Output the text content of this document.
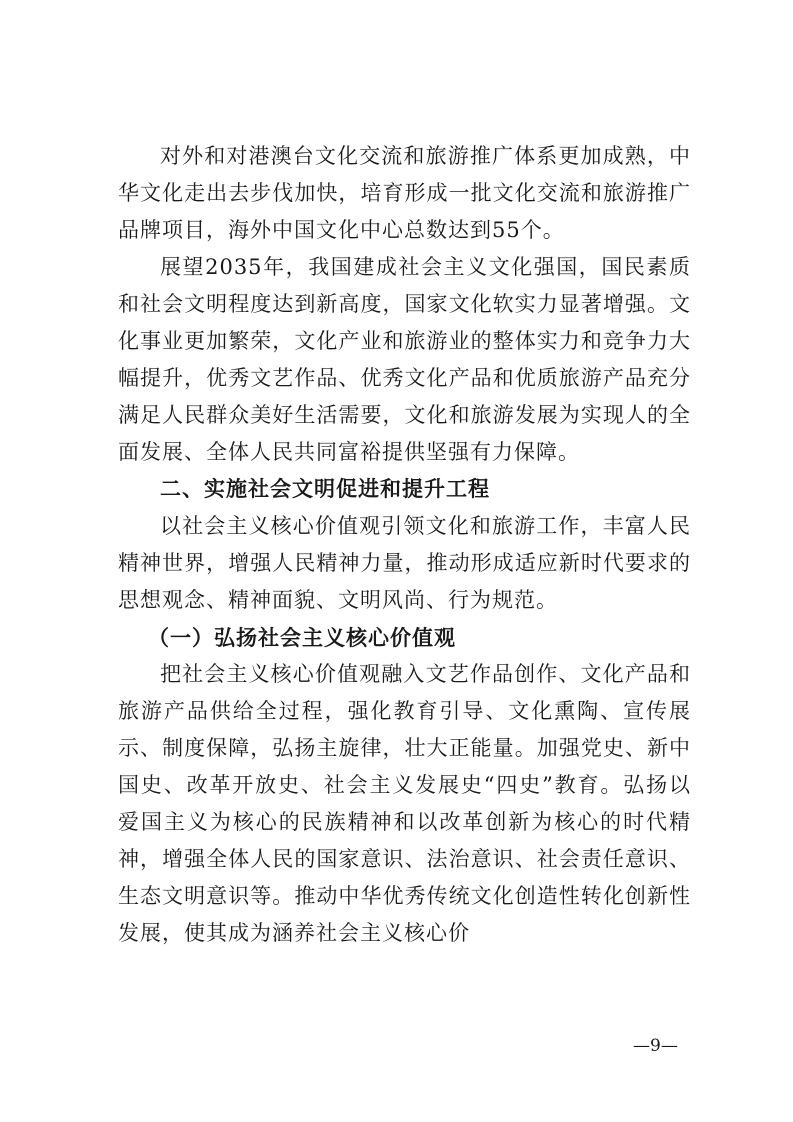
对外和对港澳台文化交流和旅游推广体系更加成熟，中华文化走出去步伐加快，培育形成一批文化交流和旅游推广品牌项目，海外中国文化中心总数达到55个。

展望2035年，我国建成社会主义文化强国，国民素质和社会文明程度达到新高度，国家文化软实力显著增强。文化事业更加繁荣，文化产业和旅游业的整体实力和竞争力大幅提升，优秀文艺作品、优秀文化产品和优质旅游产品充分满足人民群众美好生活需要，文化和旅游发展为实现人的全面发展、全体人民共同富裕提供坚强有力保障。

二、实施社会文明促进和提升工程

以社会主义核心价值观引领文化和旅游工作，丰富人民精神世界，增强人民精神力量，推动形成适应新时代要求的思想观念、精神面貌、文明风尚、行为规范。

（一）弘扬社会主义核心价值观

把社会主义核心价值观融入文艺作品创作、文化产品和旅游产品供给全过程，强化教育引导、文化熏陶、宣传展示、制度保障，弘扬主旋律，壮大正能量。加强党史、新中国史、改革开放史、社会主义发展史“四史”教育。弘扬以爱国主义为核心的民族精神和以改革创新为核心的时代精神，增强全体人民的国家意识、法治意识、社会责任意识、生态文明意识等。推动中华优秀传统文化创造性转化创新性发展，使其成为涵养社会主义核心价

—9—
